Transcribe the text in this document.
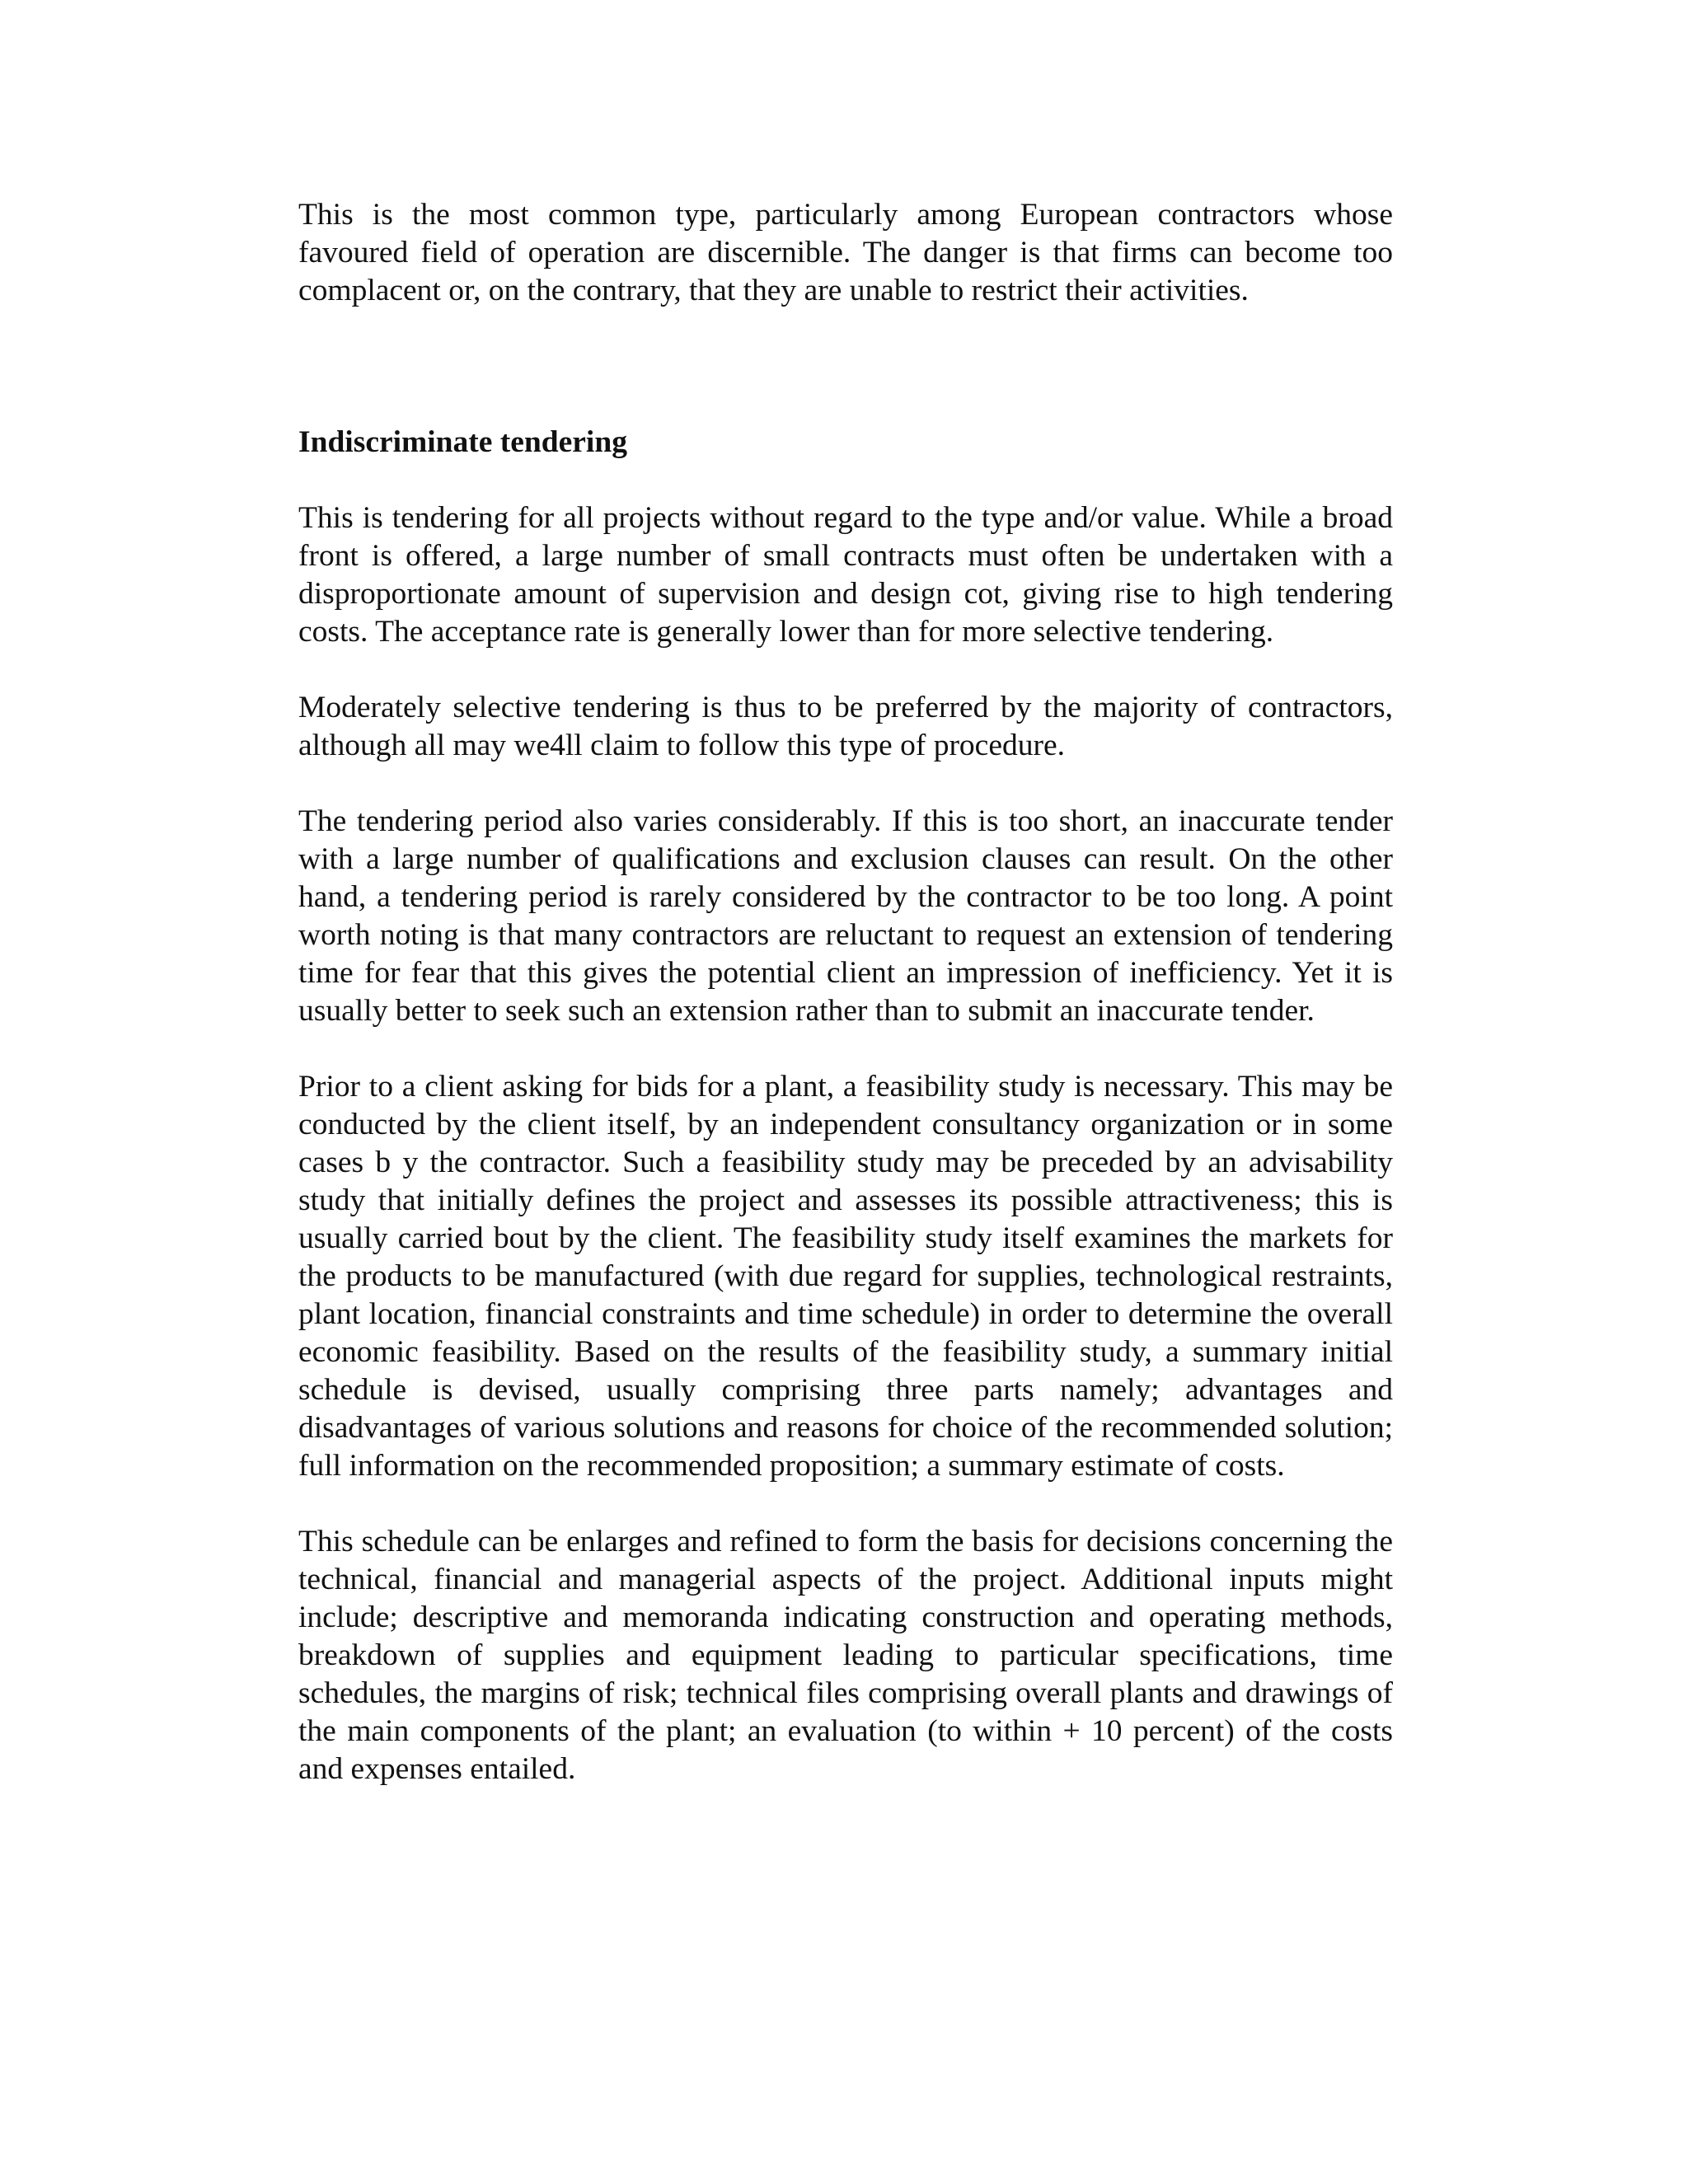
This is the most common type, particularly among European contractors whose favoured field of operation are discernible. The danger is that firms can become too complacent or, on the contrary, that they are unable to restrict their activities.

Indiscriminate tendering

This is tendering for all projects without regard to the type and/or value. While a broad front is offered, a large number of small contracts must often be undertaken with a disproportionate amount of supervision and design cot, giving rise to high tendering costs. The acceptance rate is generally lower than for more selective tendering.

Moderately selective tendering is thus to be preferred by the majority of contractors, although all may we4ll claim to follow this type of procedure.

The tendering period also varies considerably. If this is too short, an inaccurate tender with a large number of qualifications and exclusion clauses can result. On the other hand, a tendering period is rarely considered by the contractor to be too long. A point worth noting is that many contractors are reluctant to request an extension of tendering time for fear that this gives the potential client an impression of inefficiency. Yet it is usually better to seek such an extension rather than to submit an inaccurate tender.

Prior to a client asking for bids for a plant, a feasibility study is necessary. This may be conducted by the client itself, by an independent consultancy organization or in some cases b y the contractor. Such a feasibility study may be preceded by an advisability study that initially defines the project and assesses its possible attractiveness; this is usually carried bout by the client. The feasibility study itself examines the markets for the products to be manufactured (with due regard for supplies, technological restraints, plant location, financial constraints and time schedule) in order to determine the overall economic feasibility. Based on the results of the feasibility study, a summary initial schedule is devised, usually comprising three parts namely; advantages and disadvantages of various solutions and reasons for choice of the recommended solution; full information on the recommended proposition; a summary estimate of costs.

This schedule can be enlarges and refined to form the basis for decisions concerning the technical, financial and managerial aspects of the project. Additional inputs might include; descriptive and memoranda indicating construction and operating methods, breakdown of supplies and equipment leading to particular specifications, time schedules, the margins of risk; technical files comprising overall plants and drawings of the main components of the plant; an evaluation (to within + 10 percent) of the costs and expenses entailed.
